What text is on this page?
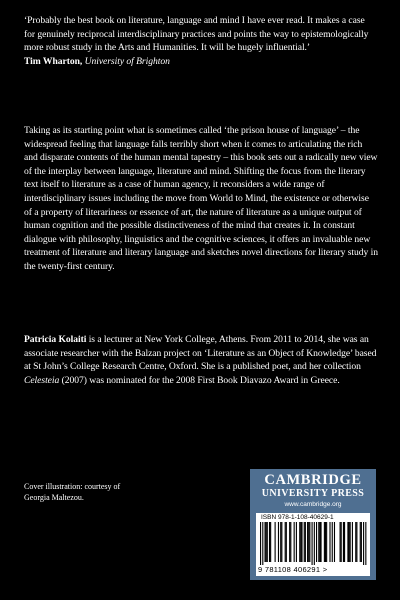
‘Probably the best book on literature, language and mind I have ever read. It makes a case for genuinely reciprocal interdisciplinary practices and points the way to epistemologically more robust study in the Arts and Humanities. It will be hugely influential.’

Tim Wharton, University of Brighton

Taking as its starting point what is sometimes called ‘the prison house of language’ – the widespread feeling that language falls terribly short when it comes to articulating the rich and disparate contents of the human mental tapestry – this book sets out a radically new view of the interplay between language, literature and mind. Shifting the focus from the literary text itself to literature as a case of human agency, it reconsiders a wide range of interdisciplinary issues including the move from World to Mind, the existence or otherwise of a property of literariness or essence of art, the nature of literature as a unique output of human cognition and the possible distinctiveness of the mind that creates it. In constant dialogue with philosophy, linguistics and the cognitive sciences, it offers an invaluable new treatment of literature and literary language and sketches novel directions for literary study in the twenty-first century.

Patricia Kolaiti is a lecturer at New York College, Athens. From 2011 to 2014, she was an associate researcher with the Balzan project on ‘Literature as an Object of Knowledge’ based at St John’s College Research Centre, Oxford. She is a published poet, and her collection Celesteia (2007) was nominated for the 2008 First Book Diavazo Award in Greece.

Cover illustration: courtesy of
Georgia Maltezou.
CAMBRIDGE
UNIVERSITY PRESS
www.cambridge.org
ISBN 978-1-108-40629-1
9 781108 406291 >
